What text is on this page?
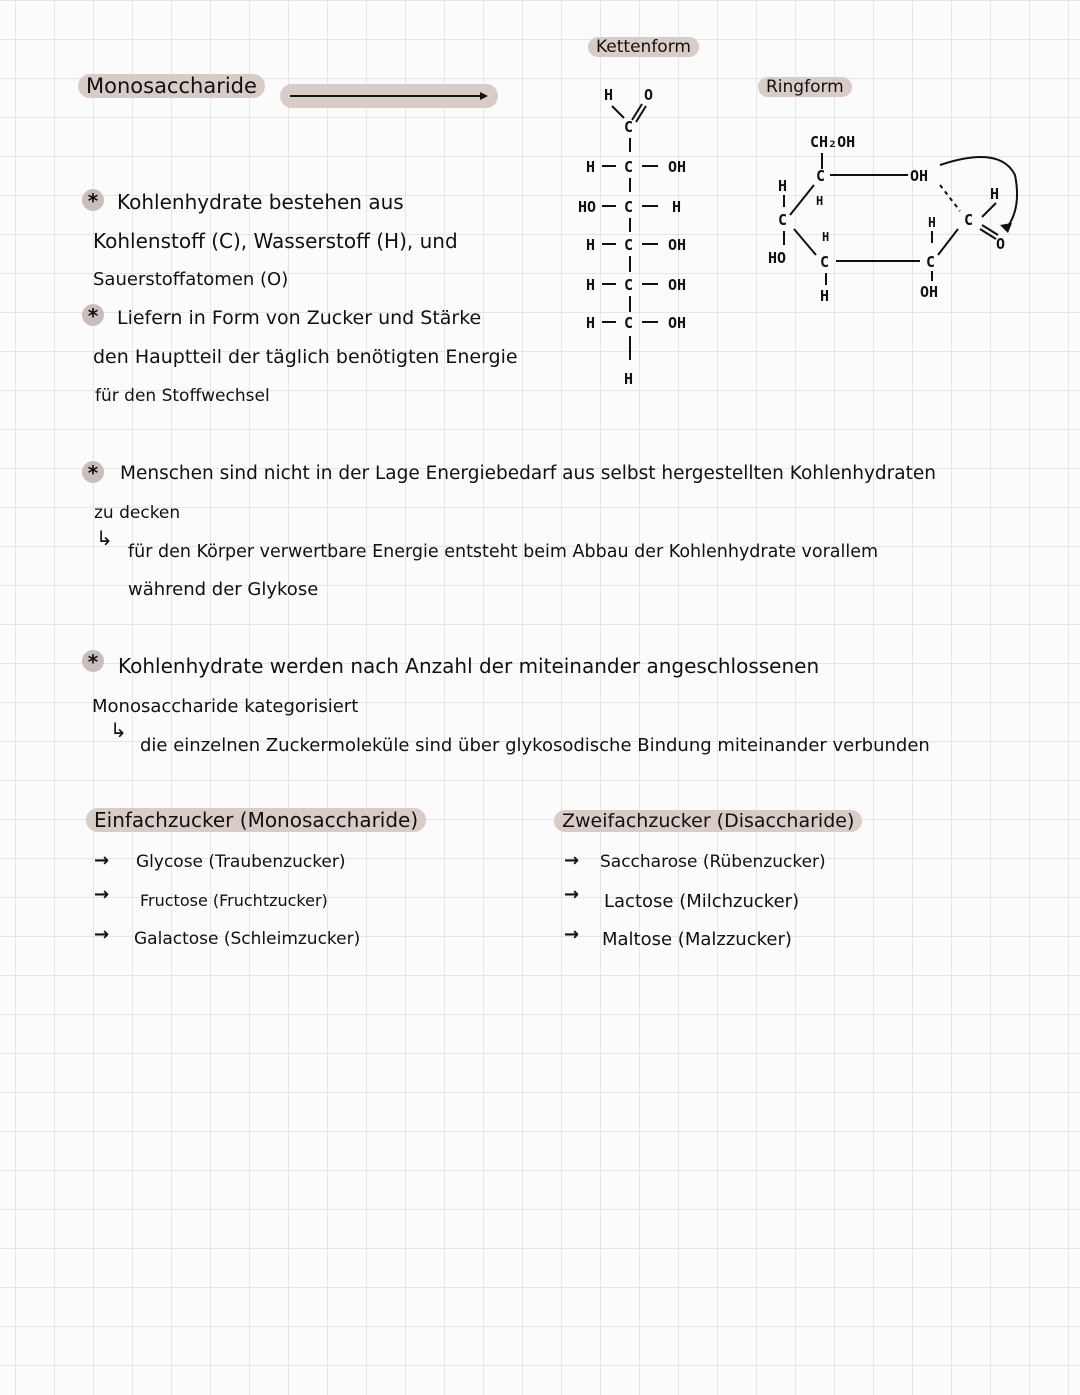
Monosaccharide
Kettenform
Ringform
H O
C
H C OH
HO C	H
H C OH
H C OH
H C OH
H
CH₂OH
C
H
OH
H
C
O
H
C
OH
C
H
H
H
C
HO
* Kohlenhydrate bestehen aus
Kohlenstoff (C), Wasserstoff (H), und
Sauerstoffatomen (O)
* Liefern in Form von Zucker und Stärke
den Hauptteil der täglich benötigten Energie
für den Stoffwechsel
*	Menschen sind nicht in der Lage Energiebedarf aus selbst hergestellten Kohlenhydraten
zu decken
↳
für den Körper verwertbare Energie entsteht beim Abbau der Kohlenhydrate vorallem
während der Glykose
* Kohlenhydrate werden nach Anzahl der miteinander angeschlossenen
Monosaccharide kategorisiert
↳
die einzelnen Zuckermoleküle sind über glykosodische Bindung miteinander verbunden
Einfachzucker (Monosaccharide)
→ Glycose (Traubenzucker)
→ Fructose (Fruchtzucker)
→ Galactose (Schleimzucker)
Zweifachzucker (Disaccharide)
→ Saccharose (Rübenzucker)
→ Lactose (Milchzucker)
→ Maltose (Malzzucker)
